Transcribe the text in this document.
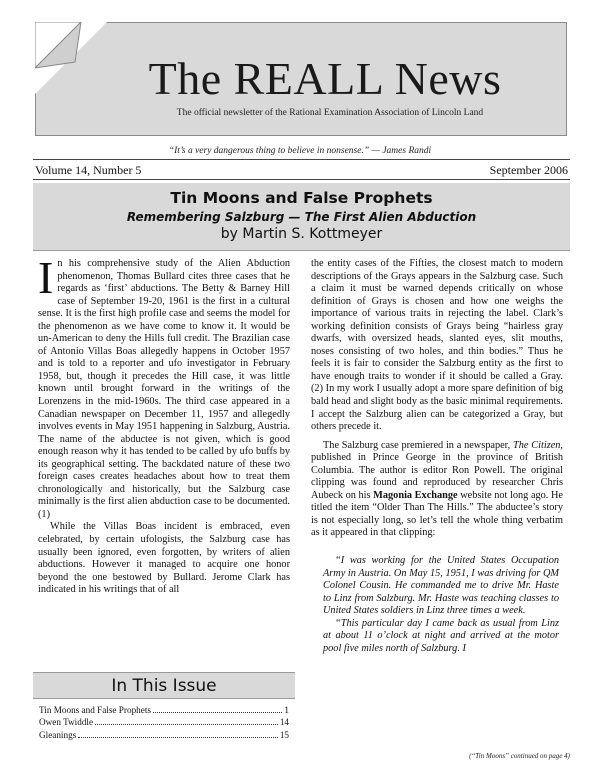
The REALL News
The official newsletter of the Rational Examination Association of Lincoln Land
“It’s a very dangerous thing to believe in nonsense.” — James Randi
Volume 14, Number 5	September 2006
Tin Moons and False Prophets
Remembering Salzburg — The First Alien Abduction
by Martin S. Kottmeyer

In his comprehensive study of the Alien Abduction phenomenon, Thomas Bullard cites three cases that he regards as ‘first’ abductions. The Betty & Barney Hill case of September 19-20, 1961 is the first in a cultural sense. It is the first high profile case and seems the model for the phenomenon as we have come to know it. It would be un-American to deny the Hills full credit. The Brazilian case of Antonio Villas Boas allegedly happens in October 1957 and is told to a reporter and ufo investigator in February 1958, but, though it precedes the Hill case, it was little known until brought forward in the writings of the Lorenzens in the mid-1960s. The third case appeared in a Canadian newspaper on December 11, 1957 and allegedly involves events in May 1951 happening in Salzburg, Austria. The name of the abductee is not given, which is good enough reason why it has tended to be called by ufo buffs by its geographical setting. The backdated nature of these two foreign cases creates headaches about how to treat them chronologically and historically, but the Salzburg case minimally is the first alien abduction case to be documented. (1)

While the Villas Boas incident is embraced, even celebrated, by certain ufologists, the Salzburg case has usually been ignored, even forgotten, by writers of alien abductions. However it managed to acquire one honor beyond the one bestowed by Bullard. Jerome Clark has indicated in his writings that of all

the entity cases of the Fifties, the closest match to modern descriptions of the Grays appears in the Salzburg case. Such a claim it must be warned depends critically on whose definition of Grays is chosen and how one weighs the importance of various traits in rejecting the label. Clark’s working definition consists of Grays being “hairless gray dwarfs, with oversized heads, slanted eyes, slit mouths, noses consisting of two holes, and thin bodies.” Thus he feels it is fair to consider the Salzburg entity as the first to have enough traits to wonder if it should be called a Gray. (2) In my work I usually adopt a more spare definition of big bald head and slight body as the basic minimal requirements. I accept the Salzburg alien can be categorized a Gray, but others precede it.

The Salzburg case premiered in a newspaper, The Citizen, published in Prince George in the province of British Columbia. The author is editor Ron Powell. The original clipping was found and reproduced by researcher Chris Aubeck on his Magonia Exchange website not long ago. He titled the item “Older Than The Hills.” The abductee’s story is not especially long, so let’s tell the whole thing verbatim as it appeared in that clipping:

“I was working for the United States Occupation Army in Austria. On May 15, 1951, I was driving for QM Colonel Cousin. He commanded me to drive Mr. Haste to Linz from Salzburg. Mr. Haste was teaching classes to United States soldiers in Linz three times a week.

“This particular day I came back as usual from Linz at about 11 o’clock at night and arrived at the motor pool five miles north of Salzburg. I

(“Tin Moons” continued on page 4)
In This Issue
Tin Moons and False Prophets	1
Owen Twiddle	14
Gleanings	15
